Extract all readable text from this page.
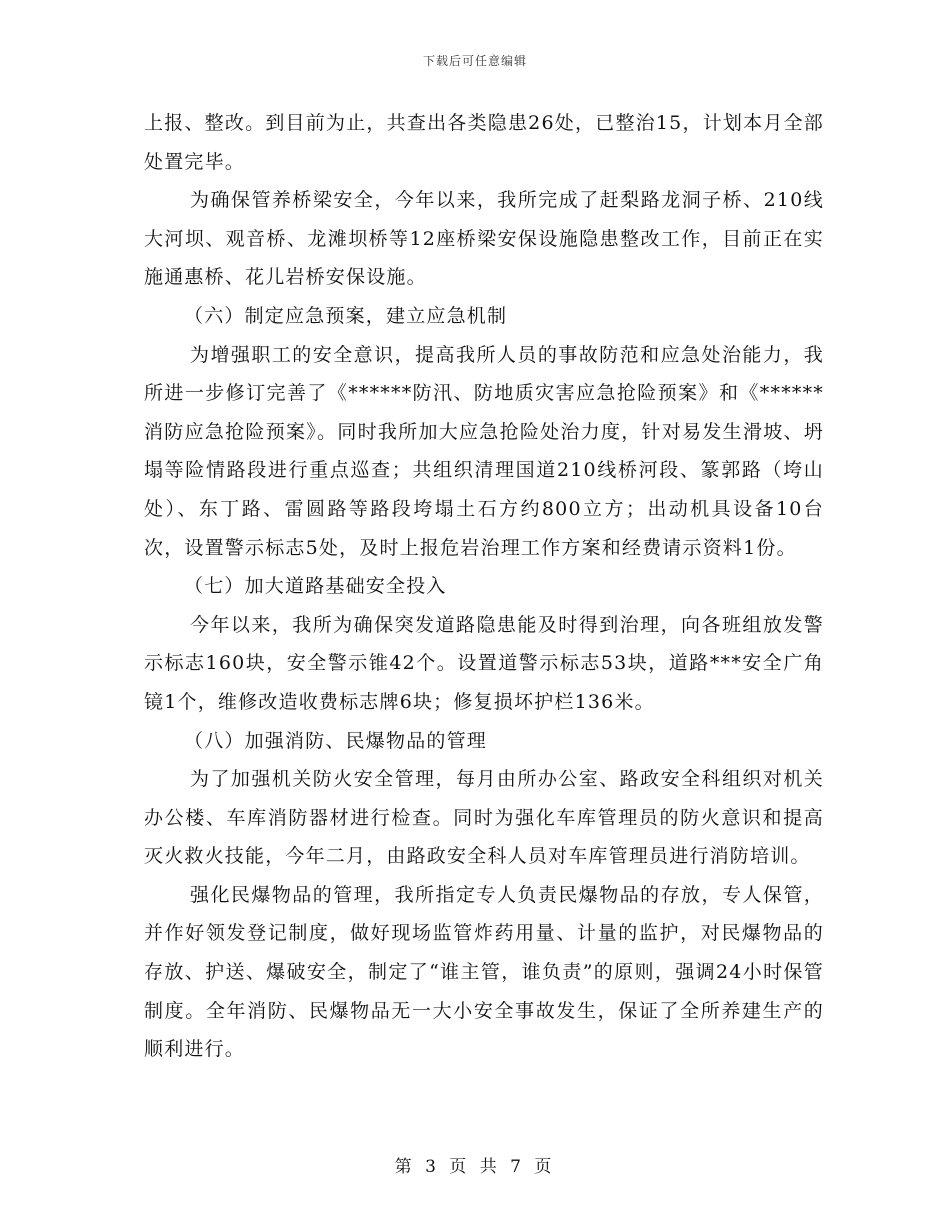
下载后可任意编辑

上报、整改。到目前为止，共查出各类隐患26处，已整治15，计划本月全部处置完毕。

为确保管养桥梁安全，今年以来，我所完成了赶梨路龙洞子桥、210线大河坝、观音桥、龙滩坝桥等12座桥梁安保设施隐患整改工作，目前正在实施通惠桥、花儿岩桥安保设施。

（六）制定应急预案，建立应急机制

为增强职工的安全意识，提高我所人员的事故防范和应急处治能力，我所进一步修订完善了《******防汛、防地质灾害应急抢险预案》和《******消防应急抢险预案》。同时我所加大应急抢险处治力度，针对易发生滑坡、坍塌等险情路段进行重点巡查；共组织清理国道210线桥河段、篆郭路（垮山处）、东丁路、雷圆路等路段垮塌土石方约800立方；出动机具设备10台次，设置警示标志5处，及时上报危岩治理工作方案和经费请示资料1份。

（七）加大道路基础安全投入

今年以来，我所为确保突发道路隐患能及时得到治理，向各班组放发警示标志160块，安全警示锥42个。设置道警示标志53块，道路***安全广角镜1个，维修改造收费标志牌6块；修复损坏护栏136米。

（八）加强消防、民爆物品的管理

为了加强机关防火安全管理，每月由所办公室、路政安全科组织对机关办公楼、车库消防器材进行检查。同时为强化车库管理员的防火意识和提高灭火救火技能，今年二月，由路政安全科人员对车库管理员进行消防培训。

强化民爆物品的管理，我所指定专人负责民爆物品的存放，专人保管，并作好领发登记制度，做好现场监管炸药用量、计量的监护，对民爆物品的存放、护送、爆破安全，制定了“谁主管，谁负责”的原则，强调24小时保管制度。全年消防、民爆物品无一大小安全事故发生，保证了全所养建生产的顺利进行。

第 3 页 共 7 页
